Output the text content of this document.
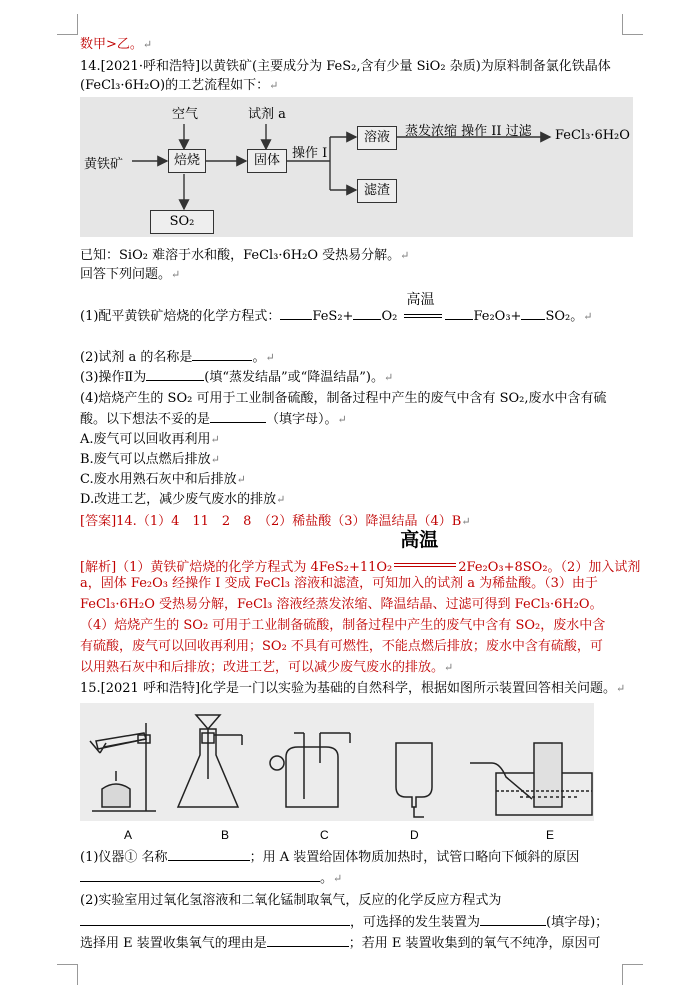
数甲>乙。↵
14.[2021·呼和浩特]以黄铁矿(主要成分为 FeS₂,含有少量 SiO₂ 杂质)为原料制备氯化铁晶体
(FeCl₃·6H₂O)的工艺流程如下：↵
空气	试剂 a
黄铁矿	焙烧
SO₂
固体 操作 I
溶液
滤渣
蒸发浓缩 操作 II 过滤 FeCl₃·6H₂O
已知：SiO₂ 难溶于水和酸，FeCl₃·6H₂O 受热易分解。↵
回答下列问题。↵
(1)配平黄铁矿焙烧的化学方程式： FeS₂+ O₂
高温
Fe₂O₃+ SO₂。↵
(2)试剂 a 的名称是	。↵
(3)操作Ⅱ为	(填“蒸发结晶”或“降温结晶”)。↵
(4)焙烧产生的 SO₂ 可用于工业制备硫酸，制备过程中产生的废气中含有 SO₂,废水中含有硫
酸。以下想法不妥的是	（填字母）。↵
A.废气可以回收再利用↵
B.废气可以点燃后排放↵
C.废水用熟石灰中和后排放↵
D.改进工艺，减少废气废水的排放↵
[答案]14.（1）4　11　2　8　（2）稀盐酸（3）降温结晶（4）B↵
[解析]（1）黄铁矿焙烧的化学方程式为 4FeS₂+11O₂
高温
2Fe₂O₃+8SO₂。（2）加入试剂
a，固体 Fe₂O₃ 经操作 I 变成 FeCl₃ 溶液和滤渣，可知加入的试剂 a 为稀盐酸。（3）由于
FeCl₃·6H₂O 受热易分解，FeCl₃ 溶液经蒸发浓缩、降温结晶、过滤可得到 FeCl₃·6H₂O。
（4）焙烧产生的 SO₂ 可用于工业制备硫酸，制备过程中产生的废气中含有 SO₂，废水中含
有硫酸，废气可以回收再利用；SO₂ 不具有可燃性，不能点燃后排放；废水中含有硫酸，可
以用熟石灰中和后排放；改进工艺，可以减少废气废水的排放。↵
15.[2021 呼和浩特]化学是一门以实验为基础的自然科学，根据如图所示装置回答相关问题。↵
A	B	C	D	E
(1)仪器① 名称	；用 A 装置给固体物质加热时，试管口略向下倾斜的原因
。↵
(2)实验室用过氧化氢溶液和二氧化锰制取氧气，反应的化学反应方程式为
，可选择的发生装置为	(填字母)；
选择用 E 装置收集氧气的理由是	；若用 E 装置收集到的氧气不纯净，原因可
